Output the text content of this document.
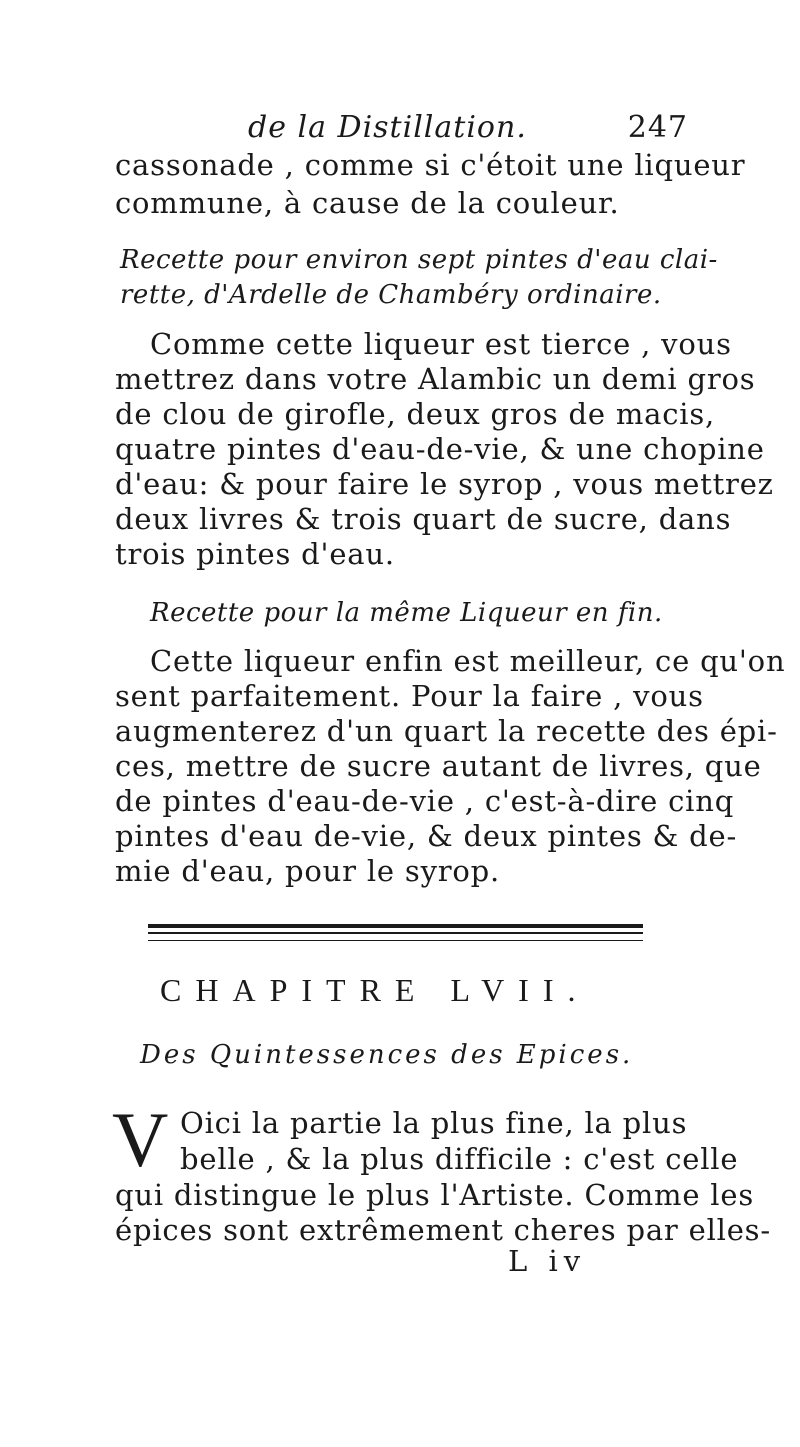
de la Distillation.	247
cassonade , comme si c'étoit une liqueur
commune, à cause de la couleur.
Recette pour environ sept pintes d'eau clai-
rette, d'Ardelle de Chambéry ordinaire.
Comme cette liqueur est tierce , vous
mettrez dans votre Alambic un demi gros
de clou de girofle, deux gros de macis,
quatre pintes d'eau-de-vie, & une chopine
d'eau: & pour faire le syrop , vous mettrez
deux livres & trois quart de sucre, dans
trois pintes d'eau.
Recette pour la même Liqueur en fin.
Cette liqueur enfin est meilleur, ce qu'on
sent parfaitement. Pour la faire , vous
augmenterez d'un quart la recette des épi-
ces, mettre de sucre autant de livres, que
de pintes d'eau-de-vie , c'est-à-dire cinq
pintes d'eau de-vie, & deux pintes & de-
mie d'eau, pour le syrop.
CHAPITRE LVII.
Des Quintessences des Epices.
V Oici la partie la plus fine, la plus
belle , & la plus difficile : c'est celle
qui distingue le plus l'Artiste. Comme les
épices sont extrêmement cheres par elles-
L iv
